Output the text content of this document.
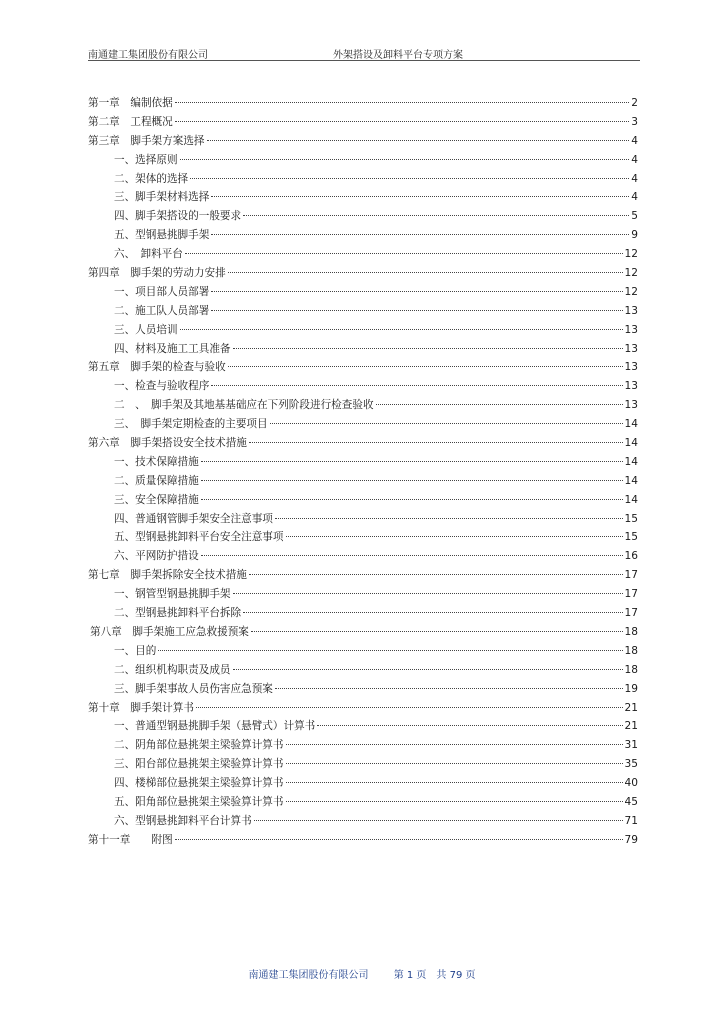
南通建工集团股份有限公司	外架搭设及卸料平台专项方案
第一章　编制依据	2
第二章　工程概况	3
第三章　脚手架方案选择	4
一、选择原则	4
二、架体的选择	4
三、脚手架材料选择	4
四、脚手架搭设的一般要求	5
五、型钢悬挑脚手架	9
六、　卸料平台	12
第四章　脚手架的劳动力安排	12
一、项目部人员部署	12
二、施工队人员部署	13
三、人员培训	13
四、材料及施工工具准备	13
第五章　脚手架的检查与验收	13
一、检查与验收程序	13
二　、　脚手架及其地基基础应在下列阶段进行检查验收	13
三、　脚手架定期检查的主要项目	14
第六章　脚手架搭设安全技术措施	14
一、技术保障措施	14
二、质量保障措施	14
三、安全保障措施	14
四、普通钢管脚手架安全注意事项	15
五、型钢悬挑卸料平台安全注意事项	15
六、平网防护措设	16
第七章　脚手架拆除安全技术措施	17
一、钢管型钢悬挑脚手架	17
二、型钢悬挑卸料平台拆除	17
第八章　脚手架施工应急救援预案	18
一、目的	18
二、组织机构职责及成员	18
三、脚手架事故人员伤害应急预案	19
第十章　脚手架计算书	21
一、普通型钢悬挑脚手架（悬臂式）计算书	21
二、阴角部位悬挑架主梁验算计算书	31
三、阳台部位悬挑架主梁验算计算书	35
四、楼梯部位悬挑架主梁验算计算书	40
五、阳角部位悬挑架主梁验算计算书	45
六、型钢悬挑卸料平台计算书	71
第十一章　　附图	79
南通建工集团股份有限公司	第 1 页　共 79 页
